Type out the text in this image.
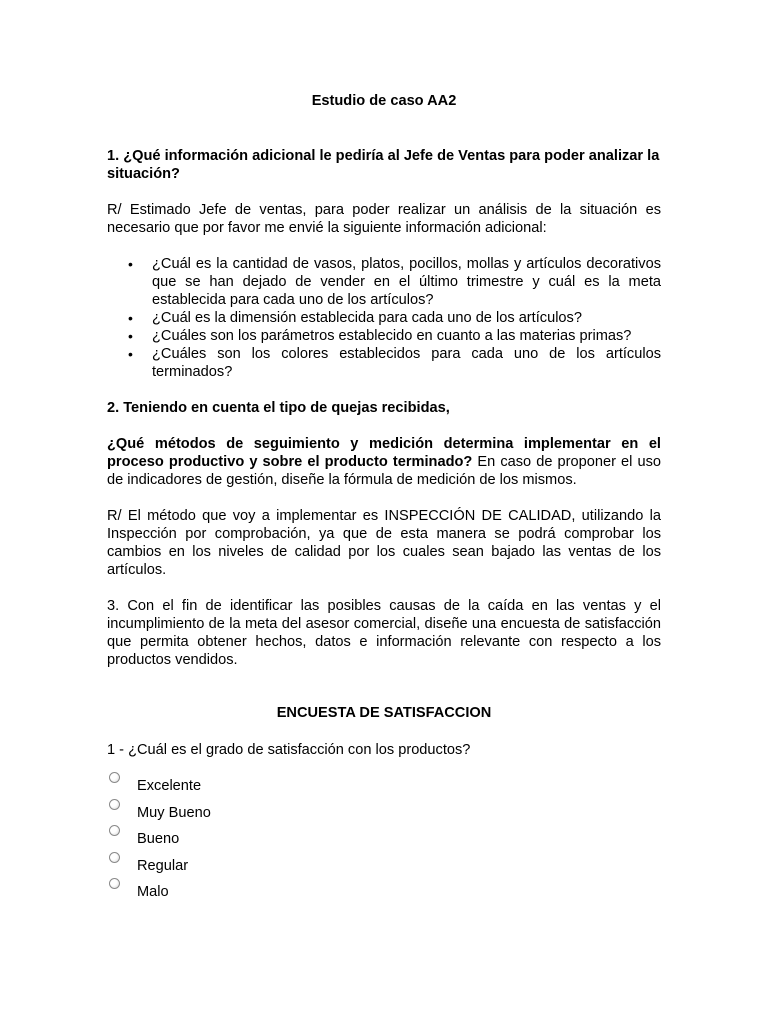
Estudio de caso AA2

1. ¿Qué información adicional le pediría al Jefe de Ventas para poder analizar la situación?

R/ Estimado Jefe de ventas, para poder realizar un análisis de la situación es necesario que por favor me envié la siguiente información adicional:

• ¿Cuál es la cantidad de vasos, platos, pocillos, mollas y artículos decorativos que se han dejado de vender en el último trimestre y cuál es la meta establecida para cada uno de los artículos?
• ¿Cuál es la dimensión establecida para cada uno de los artículos?
• ¿Cuáles son los parámetros establecido en cuanto a las materias primas?
• ¿Cuáles son los colores establecidos para cada uno de los artículos terminados?

2. Teniendo en cuenta el tipo de quejas recibidas,

¿Qué métodos de seguimiento y medición determina implementar en el proceso productivo y sobre el producto terminado? En caso de proponer el uso de indicadores de gestión, diseñe la fórmula de medición de los mismos.

R/ El método que voy a implementar es INSPECCIÓN DE CALIDAD, utilizando la Inspección por comprobación, ya que de esta manera se podrá comprobar los cambios en los niveles de calidad por los cuales sean bajado las ventas de los artículos.

3. Con el fin de identificar las posibles causas de la caída en las ventas y el incumplimiento de la meta del asesor comercial, diseñe una encuesta de satisfacción que permita obtener hechos, datos e información relevante con respecto a los productos vendidos.

ENCUESTA DE SATISFACCION

1 - ¿Cuál es el grado de satisfacción con los productos?

Excelente
Muy Bueno
Bueno
Regular
Malo
